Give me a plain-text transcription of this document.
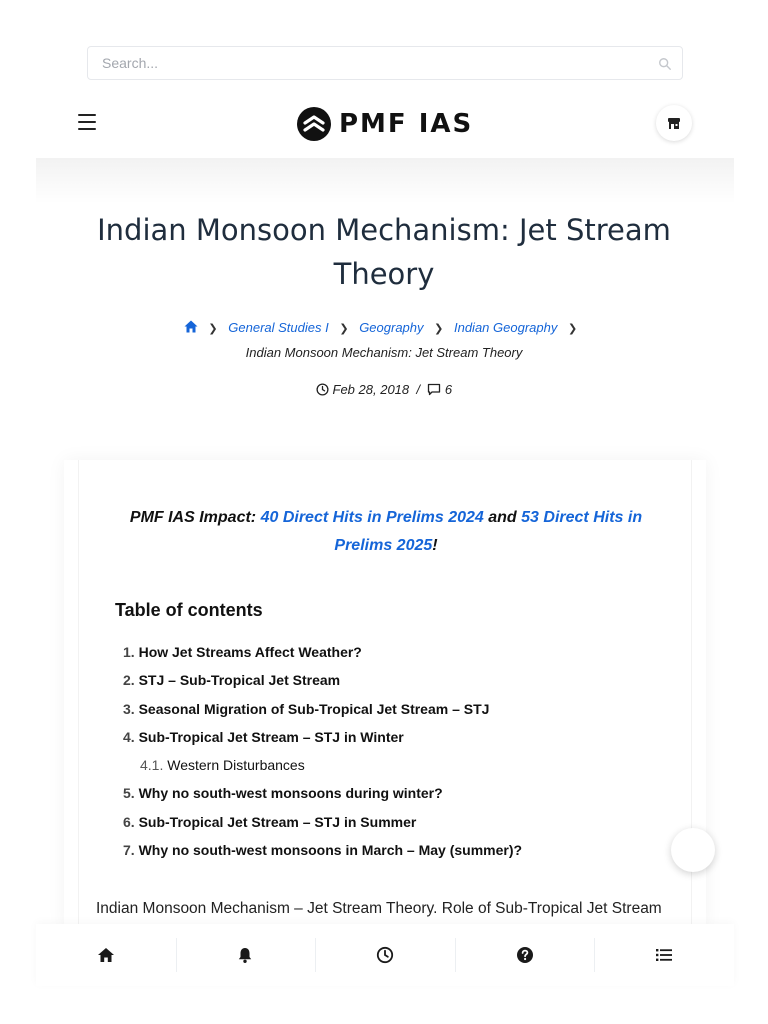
Search...
PMF IAS
Indian Monsoon Mechanism: Jet Stream Theory
❯ General Studies I ❯ Geography ❯ Indian Geography ❯
Indian Monsoon Mechanism: Jet Stream Theory
Feb 28, 2018  /   6

PMF IAS Impact: 40 Direct Hits in Prelims 2024 and 53 Direct Hits in Prelims 2025!

Table of contents
1. How Jet Streams Affect Weather?
2. STJ – Sub-Tropical Jet Stream
3. Seasonal Migration of Sub-Tropical Jet Stream – STJ
4. Sub-Tropical Jet Stream – STJ in Winter
4.1. Western Disturbances
5. Why no south-west monsoons during winter?
6. Sub-Tropical Jet Stream – STJ in Summer
7. Why no south-west monsoons in March – May (summer)?
Indian Monsoon Mechanism – Jet Stream Theory. Role of Sub-Tropical Jet Stream
